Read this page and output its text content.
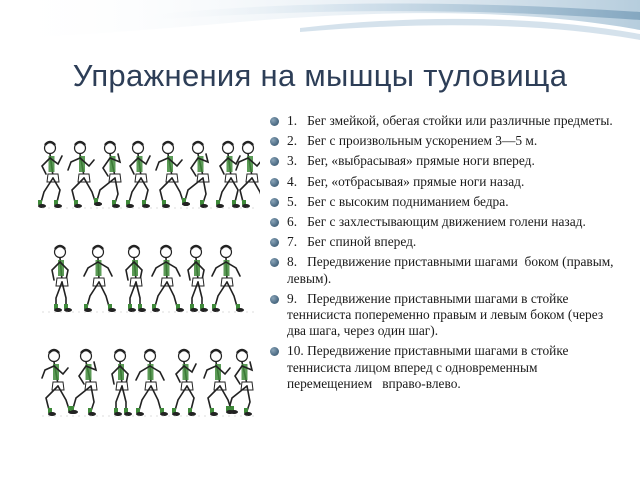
Упражнения на мышцы туловища
1.   Бег змейкой, обегая стойки или различные предметы.
2.   Бег с произвольным ускорением 3—5 м.
3.   Бег, «выбрасывая» прямые ноги вперед.
4.   Бег, «отбрасывая» прямые ноги назад.
5.   Бег с высоким подниманием бедра.
6.   Бег с захлестывающим движением голени назад.
7.   Бег спиной вперед.
8.   Передвижение приставными шагами  боком (правым,  левым).
9.   Передвижение приставными шагами в стойке теннисиста попеременно правым и левым боком (через два шага, через один шаг).
10. Передвижение приставными шагами в стойке теннисиста лицом вперед с одновременным перемещением   вправо-влево.
